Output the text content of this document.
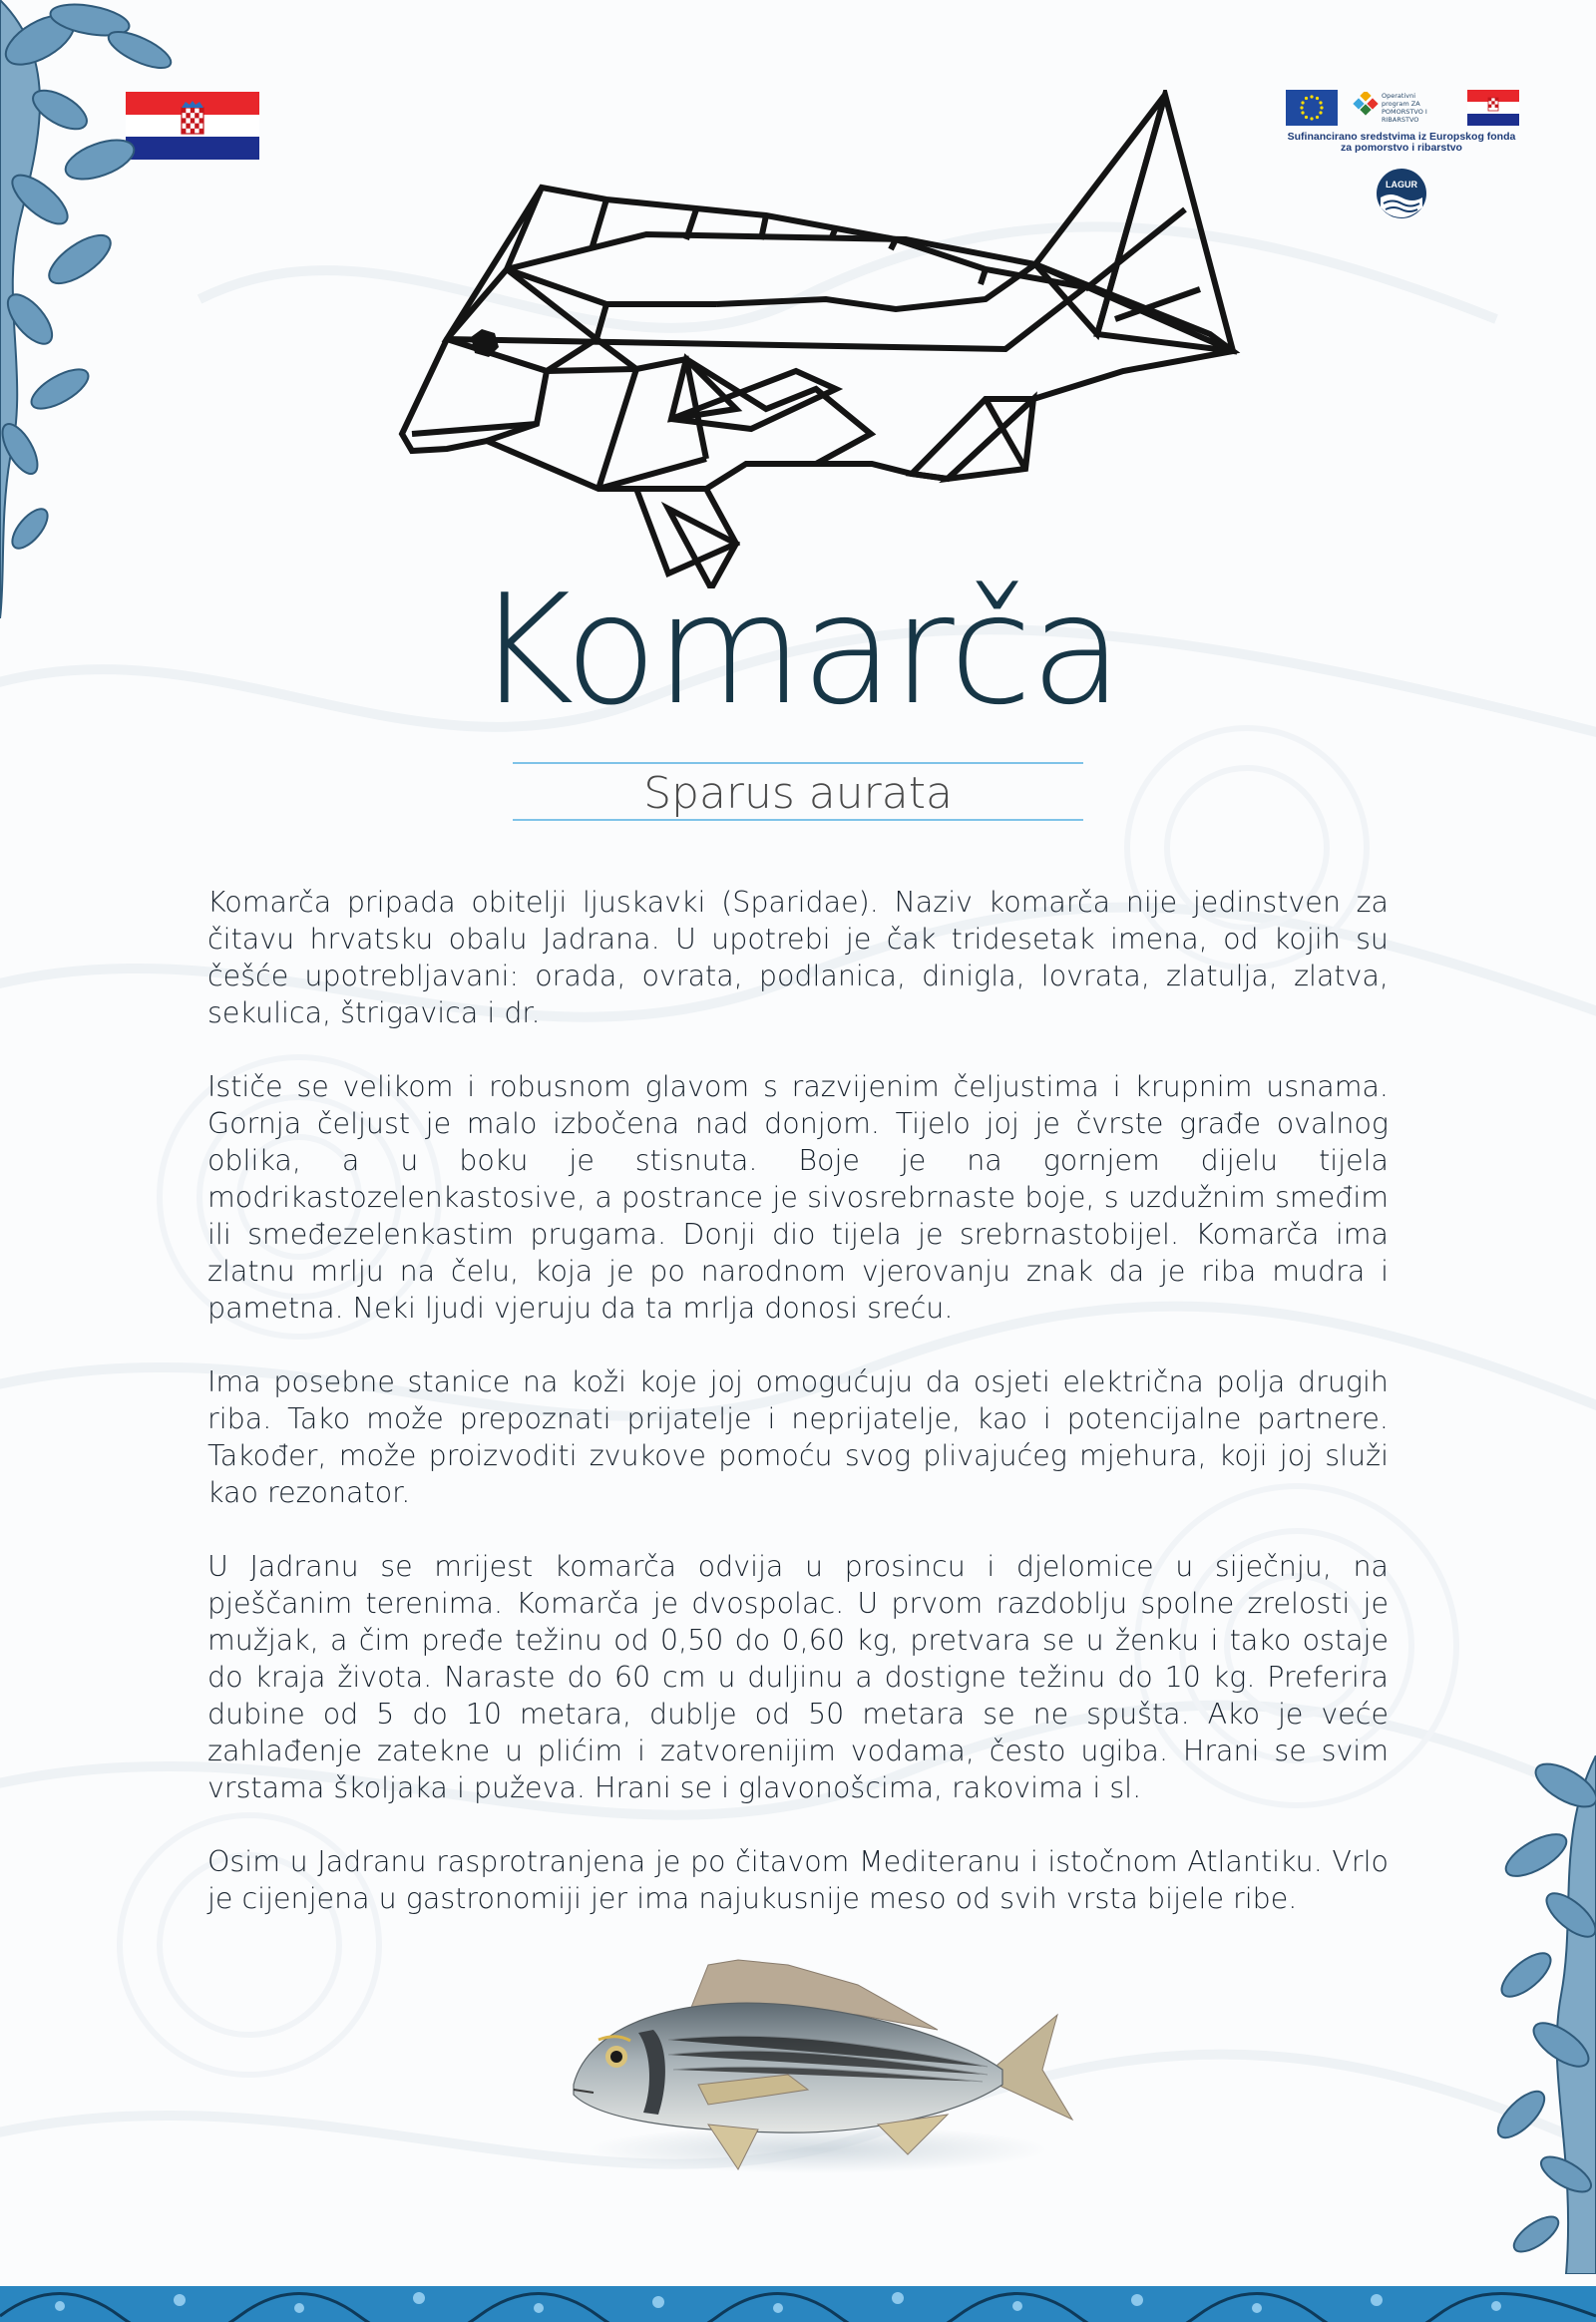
Operativni program ZA POMORSTVO I RIBARSTVO
Sufinancirano sredstvima iz Europskog fonda za pomorstvo i ribarstvo
LAGUR
Komarča
Sparus aurata

Komarča pripada obitelji ljuskavki (Sparidae). Naziv komarča nije jedinstven za čitavu hrvatsku obalu Jadrana. U upotrebi je čak tridesetak imena, od kojih su češće upotrebljavani: orada, ovrata, podlanica, dinigla, lovrata, zlatulja, zlatva, sekulica, štrigavica i dr.

Ističe se velikom i robusnom glavom s razvijenim čeljustima i krupnim usnama. Gornja čeljust je malo izbočena nad donjom. Tijelo joj je čvrste građe ovalnog oblika, a u boku je stisnuta. Boje je na gornjem dijelu tijela modrikastozelenkastosive, a postrance je sivosrebrnaste boje, s uzdužnim smeđim ili smeđezelenkastim prugama. Donji dio tijela je srebrnastobijel. Komarča ima zlatnu mrlju na čelu, koja je po narodnom vjerovanju znak da je riba mudra i pametna. Neki ljudi vjeruju da ta mrlja donosi sreću.

Ima posebne stanice na koži koje joj omogućuju da osjeti električna polja drugih riba. Tako može prepoznati prijatelje i neprijatelje, kao i potencijalne partnere. Također, može proizvoditi zvukove pomoću svog plivajućeg mjehura, koji joj služi kao rezonator.

U Jadranu se mrijest komarča odvija u prosincu i djelomice u siječnju, na pješčanim terenima. Komarča je dvospolac. U prvom razdoblju spolne zrelosti je mužjak, a čim pređe težinu od 0,50 do 0,60 kg, pretvara se u ženku i tako ostaje do kraja života. Naraste do 60 cm u duljinu a dostigne težinu do 10 kg. Preferira dubine od 5 do 10 metara, dublje od 50 metara se ne spušta. Ako je veće zahlađenje zatekne u plićim i zatvorenijim vodama, često ugiba. Hrani se svim vrstama školjaka i puževa. Hrani se i glavonošcima, rakovima i sl.

Osim u Jadranu rasprotranjena je po čitavom Mediteranu i istočnom Atlantiku. Vrlo je cijenjena u gastronomiji jer ima najukusnije meso od svih vrsta bijele ribe.
